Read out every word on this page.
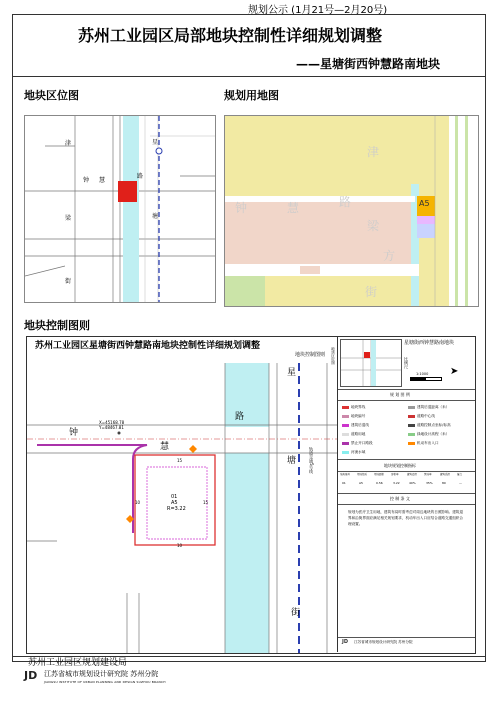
规划公示 (1月21号—2月20号)
苏州工业园区局部地块控制性详细规划调整
——星塘街西钟慧路南地块
地块区位图	规划用地图
地块控制图则
津
钟 慧
路
星
塘
梁
街
A5
津
钟	慧	路
梁
方
街
苏州工业园区星塘街西钟慧路南地块控制性详细规划调整
地块控制图则
X=45168.78
Y=48467.81
钟
慧
路
星
塘
街
轨道交通5号线
01
A5
R=3.22
15
10	15
10
地块区位图
星塘街西钟慧路南地块
比例尺
1:1000 ➤
规 划 图 例
地块界线	建筑后退距离（米）
地块编号	道路中心线
建筑后退线	道路控制点坐标/标高
道路用地	绿地设计高程（米）
禁止开口路段	机动车出入口
河流水域
地块规划控制指标
地块编号	用地性质	用地面积	容积率	建筑密度	绿地率	建筑高度	备注
01	A5	0.56	3.22	40%	35%	80	—
控 制 条 文
规划为医疗卫生用地，建筑布局时需考虑对周边地块的日照影响。建筑退界和沿街界面应满足相关规划要求，机动车出入口应结合道路交通组织合理设置。
JD 江苏省城市规划设计研究院 苏州分院
苏州工业园区规划建设局
JD 江苏省城市规划设计研究院 苏州分院
JIANGSU INSTITUTE OF URBAN PLANNING AND DESIGN SUZHOU BRANCH
